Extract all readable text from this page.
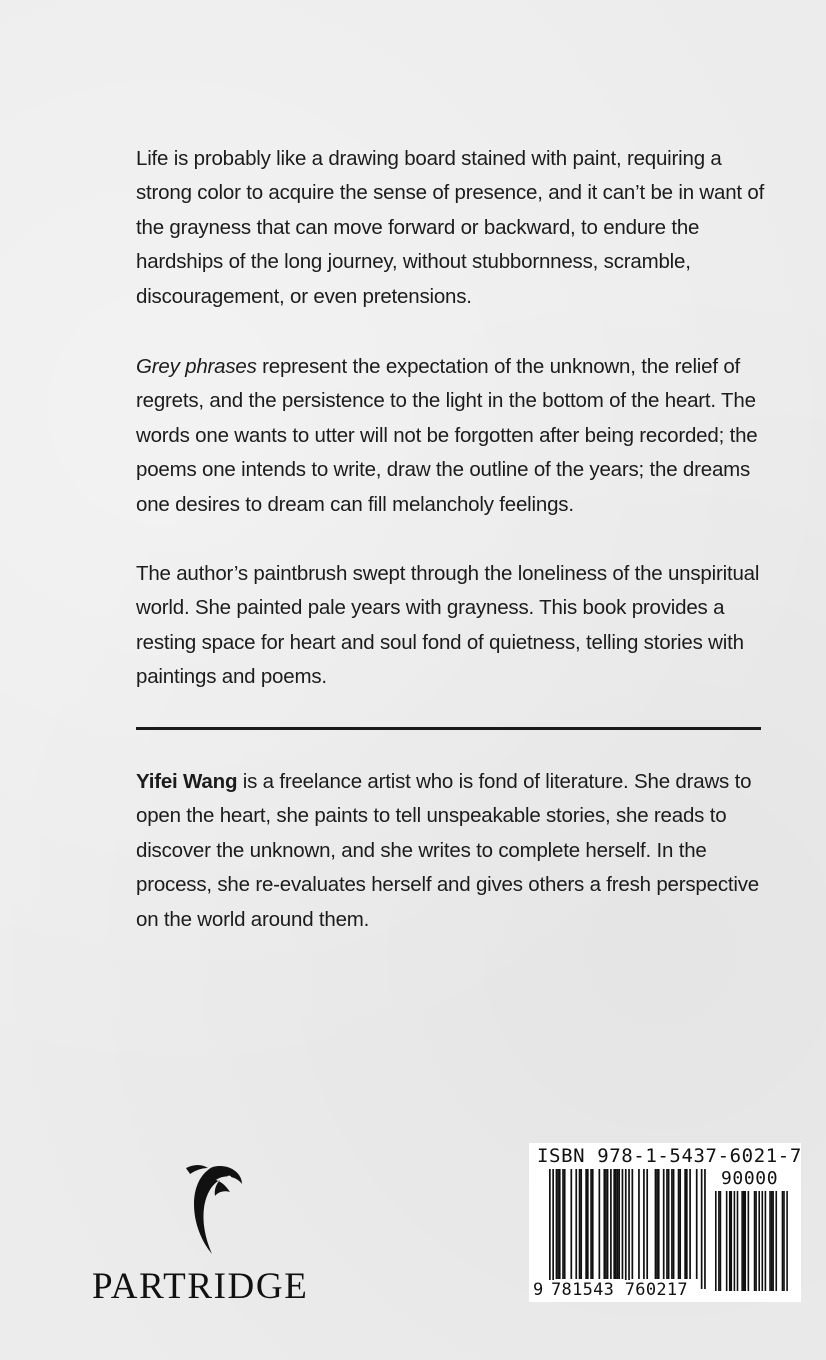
Life is probably like a drawing board stained with paint, requiring a strong color to acquire the sense of presence, and it can’t be in want of the grayness that can move forward or backward, to endure the hardships of the long journey, without stubbornness, scramble, discouragement, or even pretensions.

Grey phrases represent the expectation of the unknown, the relief of regrets, and the persistence to the light in the bottom of the heart. The words one wants to utter will not be forgotten after being recorded; the poems one intends to write, draw the outline of the years; the dreams one desires to dream can fill melancholy feelings.

The author’s paintbrush swept through the loneliness of the unspiritual world. She painted pale years with grayness. This book provides a resting space for heart and soul fond of quietness, telling stories with paintings and poems.

Yifei Wang is a freelance artist who is fond of literature. She draws to open the heart, she paints to tell unspeakable stories, she reads to discover the unknown, and she writes to complete herself. In the process, she re-evaluates herself and gives others a fresh perspective on the world around them.

PARTRIDGE
ISBN 978-1-5437-6021-7
90000
9 781543 760217
